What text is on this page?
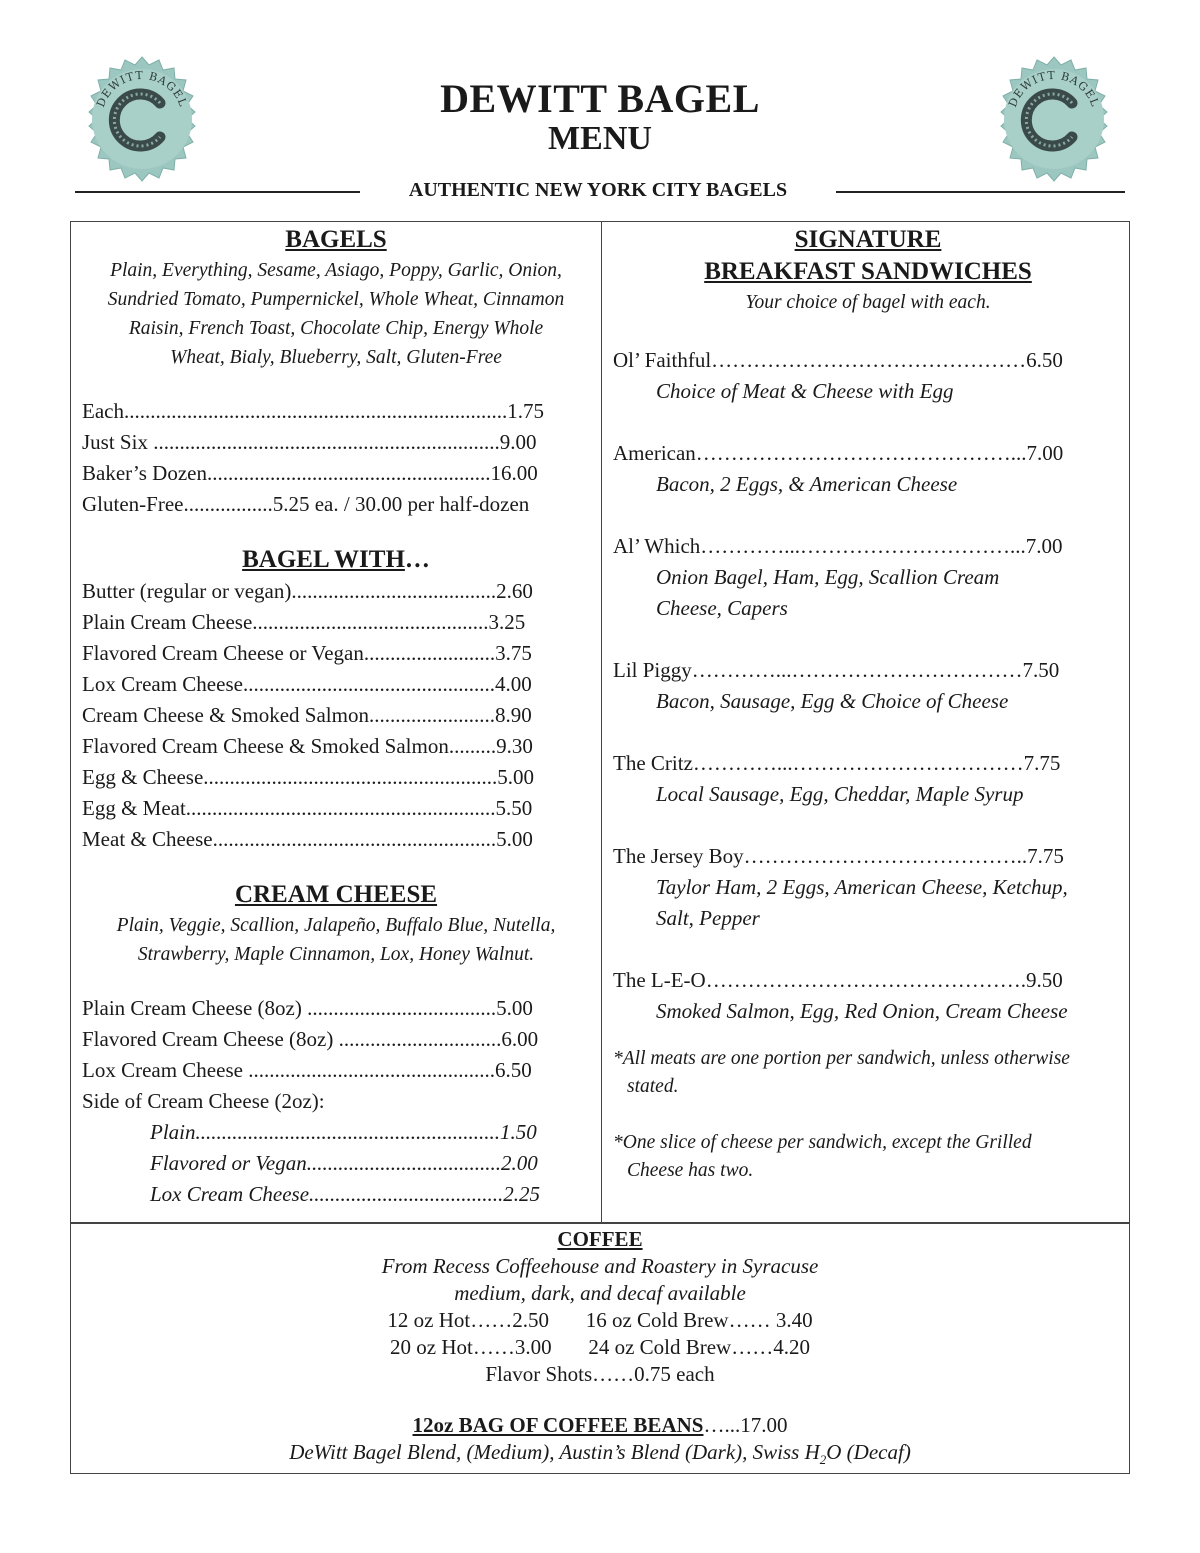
DEWITT BAGEL	DEWITT BAGEL
DEWITT BAGEL
MENU
AUTHENTIC NEW YORK CITY BAGELS
BAGELS
Plain, Everything, Sesame, Asiago, Poppy, Garlic, Onion,
Sundried Tomato, Pumpernickel, Whole Wheat, Cinnamon
Raisin, French Toast, Chocolate Chip, Energy Whole
Wheat, Bialy, Blueberry, Salt, Gluten-Free
Each.........................................................................1.75
Just Six ..................................................................9.00
Baker’s Dozen......................................................16.00
Gluten-Free.................5.25 ea. / 30.00 per half-dozen
BAGEL WITH…
Butter (regular or vegan).......................................2.60
Plain Cream Cheese.............................................3.25
Flavored Cream Cheese or Vegan.........................3.75
Lox Cream Cheese................................................4.00
Cream Cheese & Smoked Salmon........................8.90
Flavored Cream Cheese & Smoked Salmon.........9.30
Egg & Cheese........................................................5.00
Egg & Meat...........................................................5.50
Meat & Cheese......................................................5.00
CREAM CHEESE
Plain, Veggie, Scallion, Jalapeño, Buffalo Blue, Nutella,
Strawberry, Maple Cinnamon, Lox, Honey Walnut.
Plain Cream Cheese (8oz) ....................................5.00
Flavored Cream Cheese (8oz) ...............................6.00
Lox Cream Cheese ...............................................6.50
Side of Cream Cheese (2oz):
Plain..........................................................1.50
Flavored or Vegan.....................................2.00
Lox Cream Cheese.....................................2.25
SIGNATURE
BREAKFAST SANDWICHES
Your choice of bagel with each.
Ol’ Faithful………………………………………6.50
Choice of Meat & Cheese with Egg
American………………………………………...7.00
Bacon, 2 Eggs, & American Cheese
Al’ Which…………...…………………………...7.00
Onion Bagel, Ham, Egg, Scallion Cream
Cheese, Capers
Lil Piggy…………...……………………………7.50
Bacon, Sausage, Egg & Choice of Cheese
The Critz…………...……………………………7.75
Local Sausage, Egg, Cheddar, Maple Syrup
The Jersey Boy…………………………………..7.75
Taylor Ham, 2 Eggs, American Cheese, Ketchup,
Salt, Pepper
The L-E-O……………………………………….9.50
Smoked Salmon, Egg, Red Onion, Cream Cheese
*All meats are one portion per sandwich, unless otherwise
stated.
*One slice of cheese per sandwich, except the Grilled
Cheese has two.
COFFEE
From Recess Coffeehouse and Roastery in Syracuse
medium, dark, and decaf available
12 oz Hot……2.50       16 oz Cold Brew…… 3.40
20 oz Hot……3.00       24 oz Cold Brew……4.20
Flavor Shots……0.75 each
12oz BAG OF COFFEE BEANS…...17.00
DeWitt Bagel Blend, (Medium), Austin’s Blend (Dark), Swiss $H_2O$ (Decaf)
